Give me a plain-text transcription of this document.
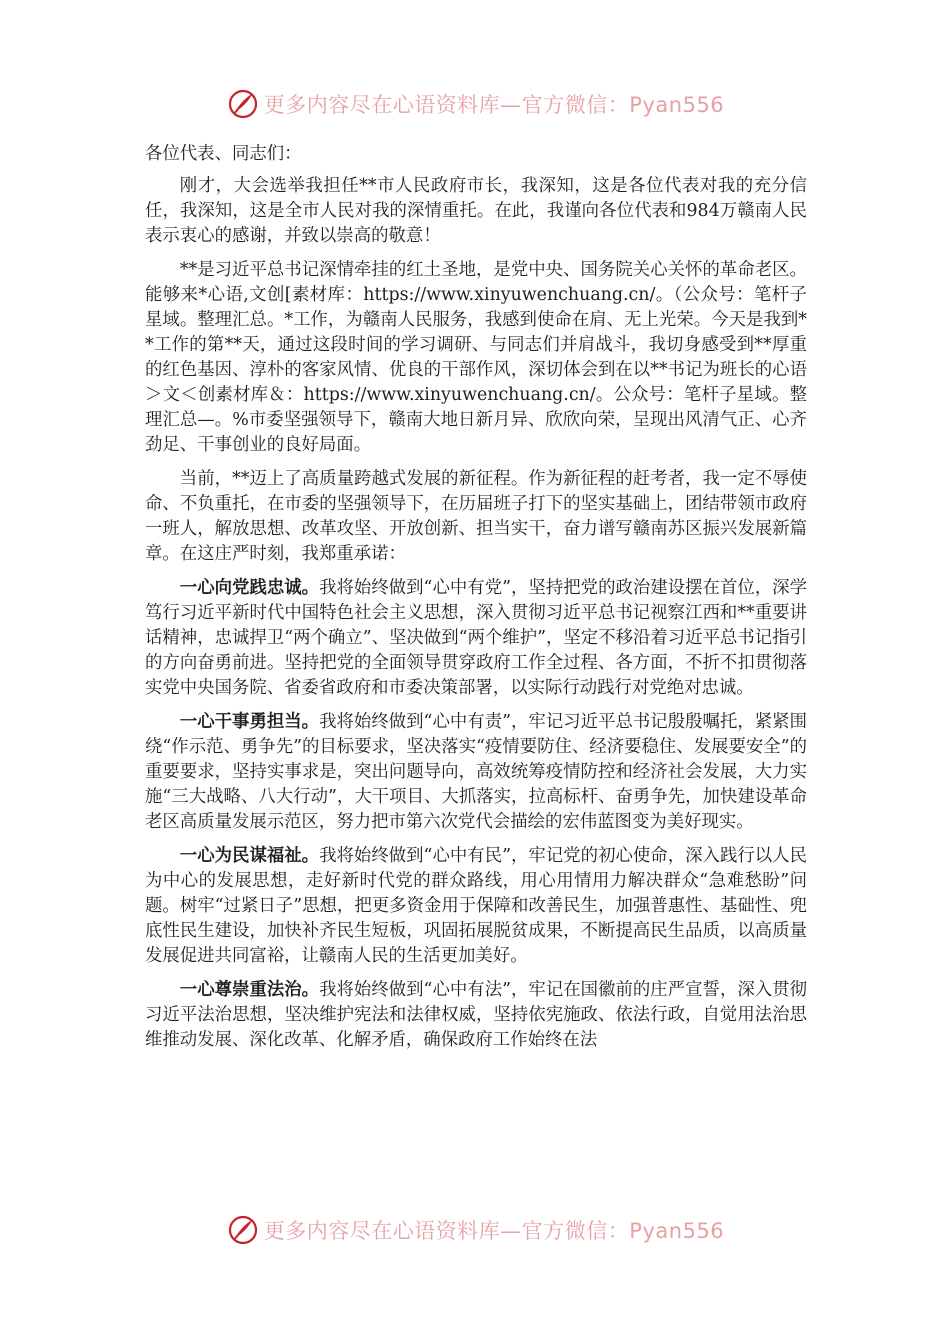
更多内容尽在心语资料库—官方微信：Pyan556

各位代表、同志们：

刚才，大会选举我担任**市人民政府市长，我深知，这是各位代表对我的充分信任，我深知，这是全市人民对我的深情重托。在此，我谨向各位代表和984万赣南人民表示衷心的感谢，并致以崇高的敬意！

**是习近平总书记深情牵挂的红土圣地，是党中央、国务院关心关怀的革命老区。能够来*心语,文创[素材库：https://www.xinyuwenchuang.cn/。（公众号：笔杆子星域。整理汇总。*工作，为赣南人民服务，我感到使命在肩、无上光荣。今天是我到**工作的第**天，通过这段时间的学习调研、与同志们并肩战斗，我切身感受到**厚重的红色基因、淳朴的客家风情、优良的干部作风，深切体会到在以**书记为班长的心语＞文＜创素材库＆：https://www.xinyuwenchuang.cn/。公众号：笔杆子星域。整理汇总—。%市委坚强领导下，赣南大地日新月异、欣欣向荣，呈现出风清气正、心齐劲足、干事创业的良好局面。

当前，**迈上了高质量跨越式发展的新征程。作为新征程的赶考者，我一定不辱使命、不负重托，在市委的坚强领导下，在历届班子打下的坚实基础上，团结带领市政府一班人，解放思想、改革攻坚、开放创新、担当实干，奋力谱写赣南苏区振兴发展新篇章。在这庄严时刻，我郑重承诺：

一心向党践忠诚。我将始终做到“心中有党”，坚持把党的政治建设摆在首位，深学笃行习近平新时代中国特色社会主义思想，深入贯彻习近平总书记视察江西和**重要讲话精神，忠诚捍卫“两个确立”、坚决做到“两个维护”，坚定不移沿着习近平总书记指引的方向奋勇前进。坚持把党的全面领导贯穿政府工作全过程、各方面，不折不扣贯彻落实党中央国务院、省委省政府和市委决策部署，以实际行动践行对党绝对忠诚。

一心干事勇担当。我将始终做到“心中有责”，牢记习近平总书记殷殷嘱托，紧紧围绕“作示范、勇争先”的目标要求，坚决落实“疫情要防住、经济要稳住、发展要安全”的重要要求，坚持实事求是，突出问题导向，高效统筹疫情防控和经济社会发展，大力实施“三大战略、八大行动”，大干项目、大抓落实，拉高标杆、奋勇争先，加快建设革命老区高质量发展示范区，努力把市第六次党代会描绘的宏伟蓝图变为美好现实。

一心为民谋福祉。我将始终做到“心中有民”，牢记党的初心使命，深入践行以人民为中心的发展思想，走好新时代党的群众路线，用心用情用力解决群众“急难愁盼”问题。树牢“过紧日子”思想，把更多资金用于保障和改善民生，加强普惠性、基础性、兜底性民生建设，加快补齐民生短板，巩固拓展脱贫成果，不断提高民生品质，以高质量发展促进共同富裕，让赣南人民的生活更加美好。

一心尊崇重法治。我将始终做到“心中有法”，牢记在国徽前的庄严宣誓，深入贯彻习近平法治思想，坚决维护宪法和法律权威，坚持依宪施政、依法行政，自觉用法治思维推动发展、深化改革、化解矛盾，确保政府工作始终在法

更多内容尽在心语资料库—官方微信：Pyan556
